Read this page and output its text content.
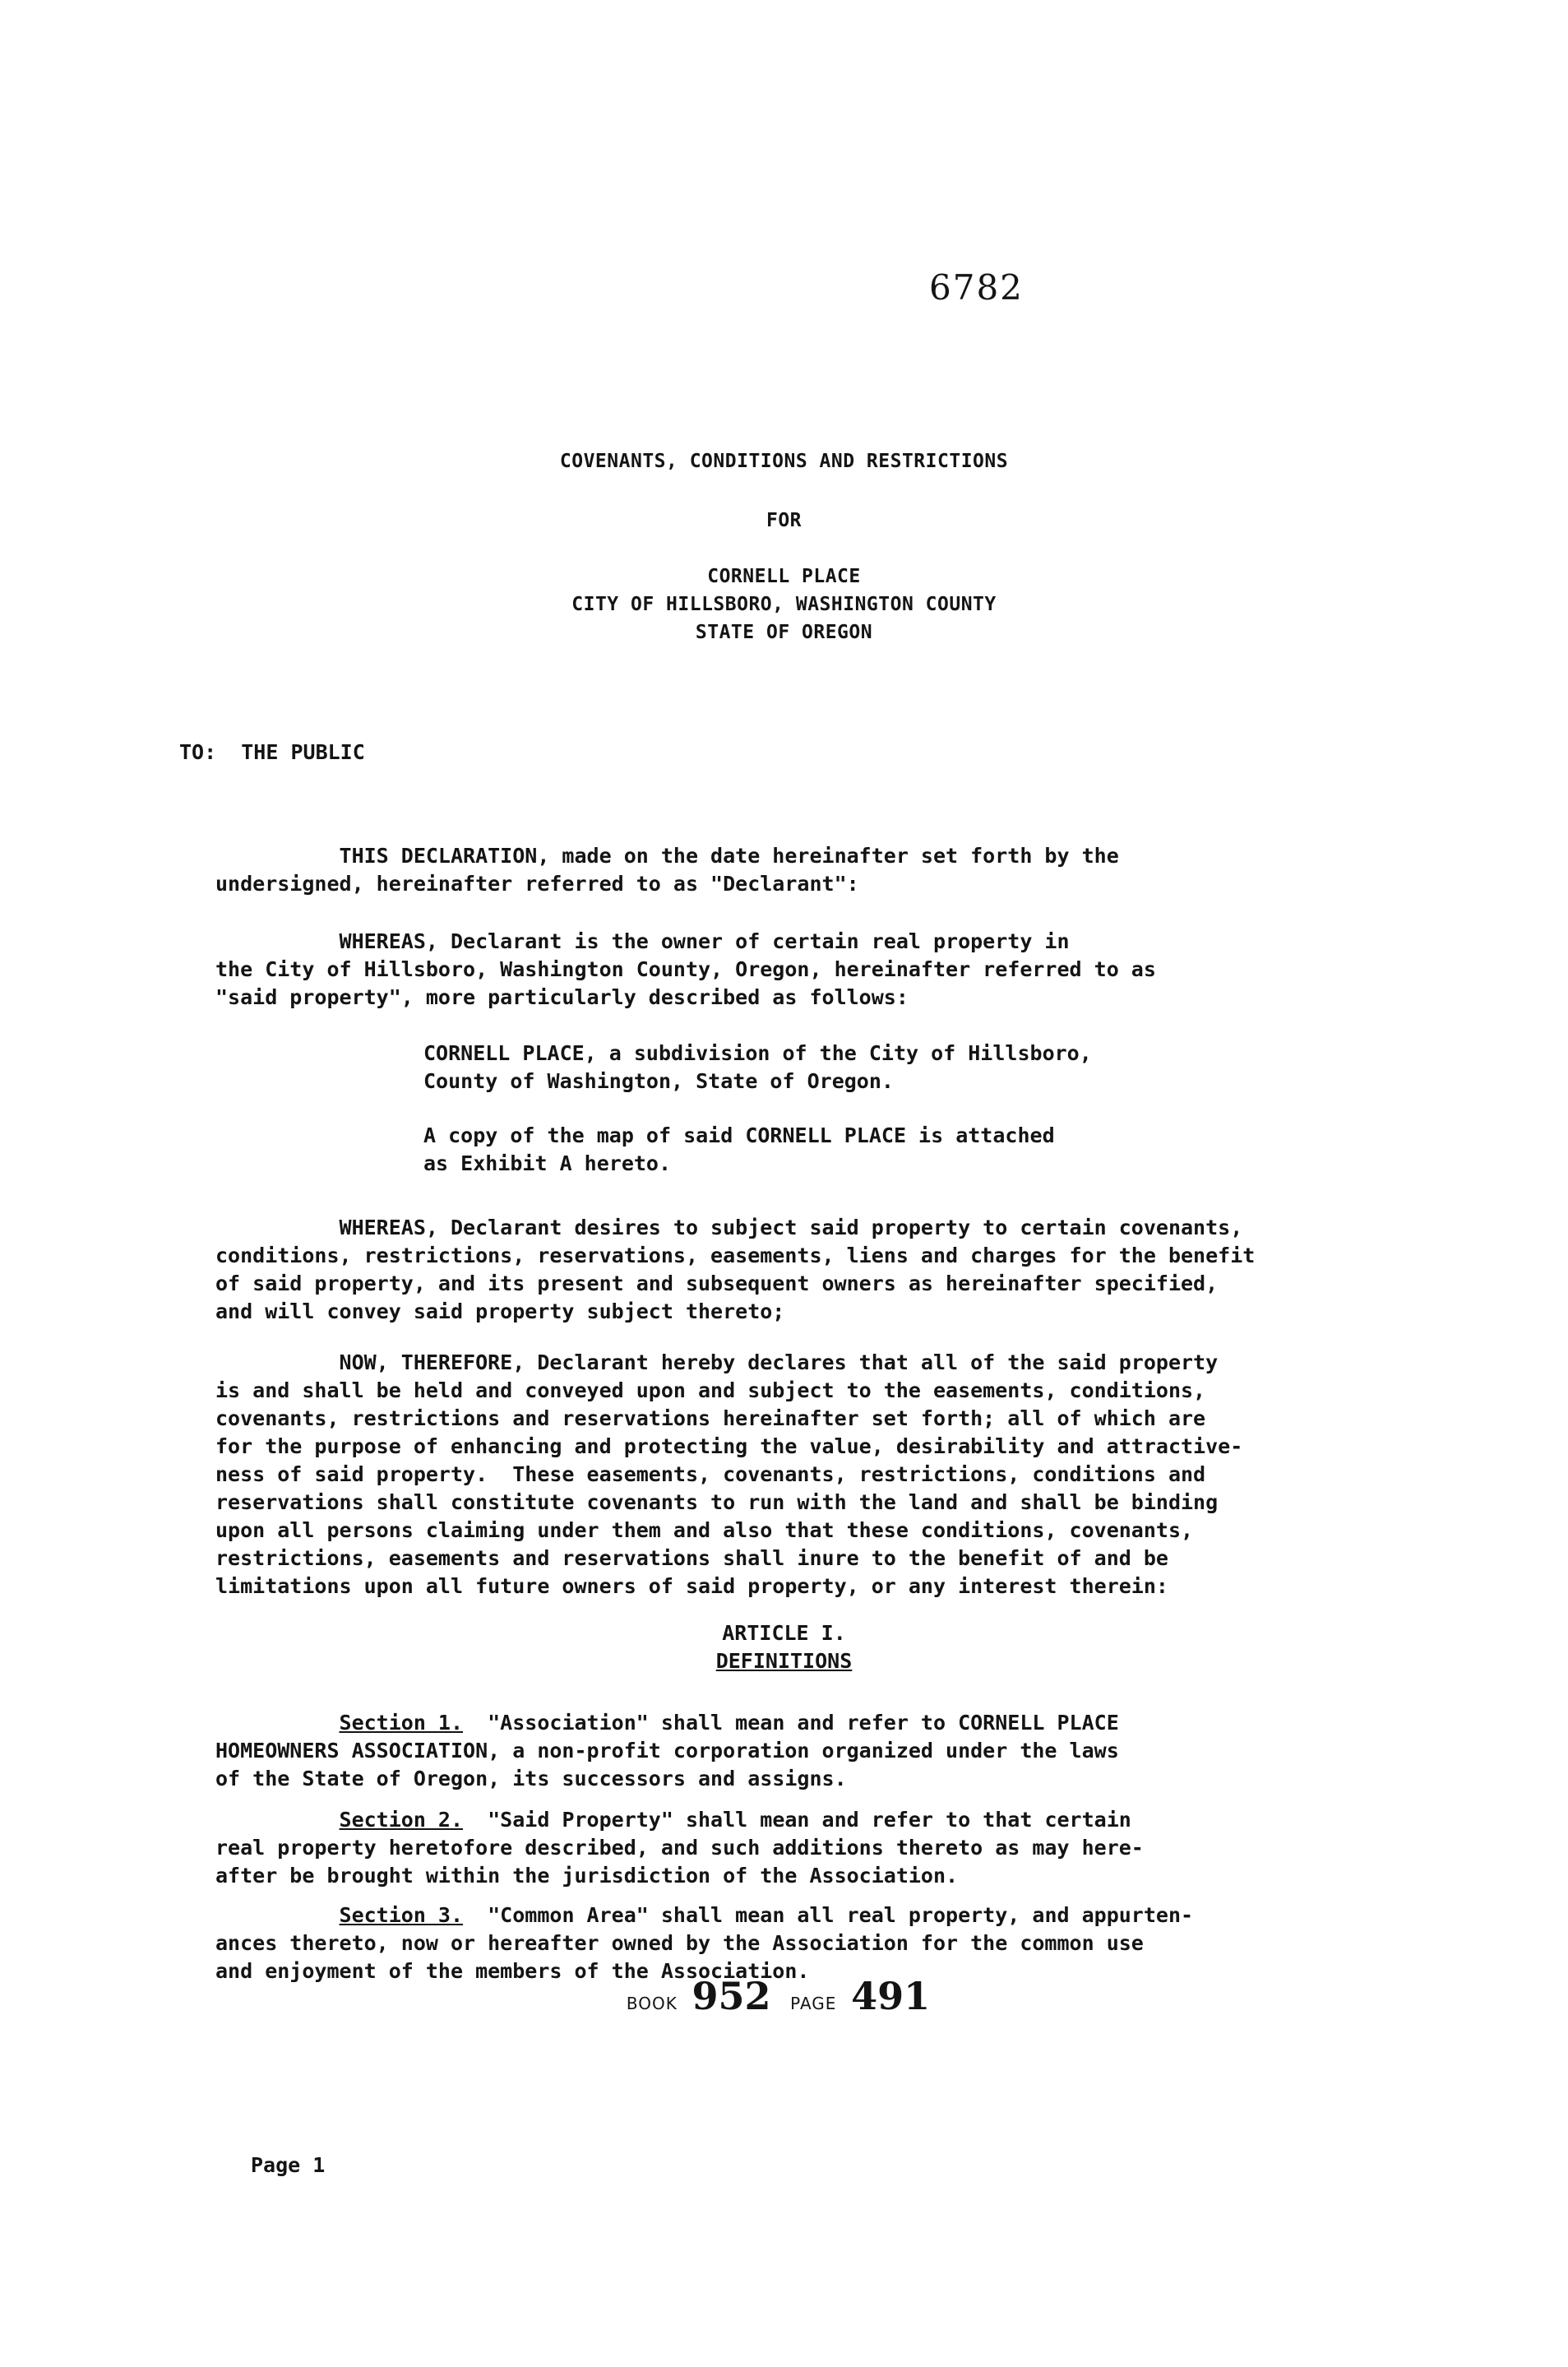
6782
COVENANTS, CONDITIONS AND RESTRICTIONS
FOR
CORNELL PLACE
CITY OF HILLSBORO, WASHINGTON COUNTY
STATE OF OREGON
TO:  THE PUBLIC
THIS DECLARATION, made on the date hereinafter set forth by the
undersigned, hereinafter referred to as "Declarant":
WHEREAS, Declarant is the owner of certain real property in
the City of Hillsboro, Washington County, Oregon, hereinafter referred to as
"said property", more particularly described as follows:
CORNELL PLACE, a subdivision of the City of Hillsboro,
County of Washington, State of Oregon.
A copy of the map of said CORNELL PLACE is attached
as Exhibit A hereto.
WHEREAS, Declarant desires to subject said property to certain covenants,
conditions, restrictions, reservations, easements, liens and charges for the benefit
of said property, and its present and subsequent owners as hereinafter specified,
and will convey said property subject thereto;
NOW, THEREFORE, Declarant hereby declares that all of the said property
is and shall be held and conveyed upon and subject to the easements, conditions,
covenants, restrictions and reservations hereinafter set forth; all of which are
for the purpose of enhancing and protecting the value, desirability and attractive-
ness of said property.  These easements, covenants, restrictions, conditions and
reservations shall constitute covenants to run with the land and shall be binding
upon all persons claiming under them and also that these conditions, covenants,
restrictions, easements and reservations shall inure to the benefit of and be
limitations upon all future owners of said property, or any interest therein:
ARTICLE I.
DEFINITIONS
Section 1.  "Association" shall mean and refer to CORNELL PLACE
HOMEOWNERS ASSOCIATION, a non-profit corporation organized under the laws
of the State of Oregon, its successors and assigns.
Section 2.  "Said Property" shall mean and refer to that certain
real property heretofore described, and such additions thereto as may here-
after be brought within the jurisdiction of the Association.
Section 3.  "Common Area" shall mean all real property, and appurten-
ances thereto, now or hereafter owned by the Association for the common use
and enjoyment of the members of the Association.
BOOK 952 PAGE 491
Page 1
